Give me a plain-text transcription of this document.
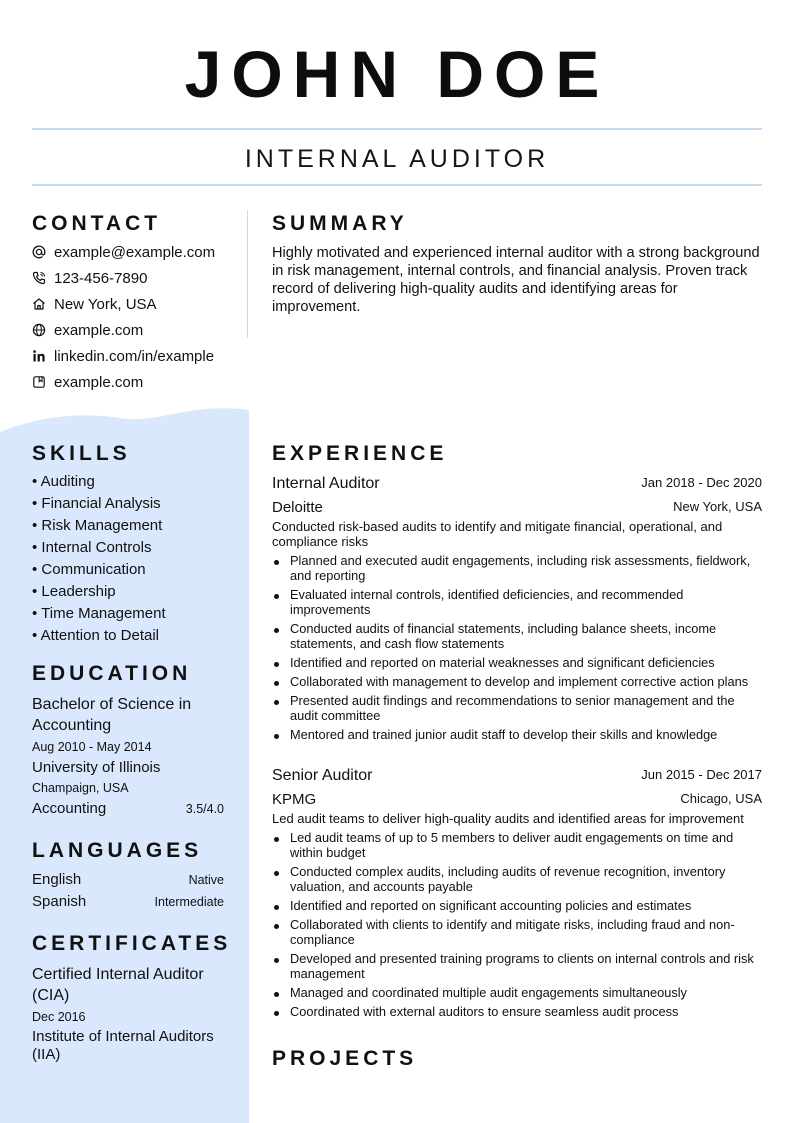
JOHN DOE
INTERNAL AUDITOR
CONTACT
example@example.com
123-456-7890
New York, USA
example.com
linkedin.com/in/example
example.com
SUMMARY
Highly motivated and experienced internal auditor with a strong background in risk management, internal controls, and financial analysis. Proven track record of delivering high-quality audits and identifying areas for improvement.
SKILLS
• Auditing
• Financial Analysis
• Risk Management
• Internal Controls
• Communication
• Leadership
• Time Management
• Attention to Detail
EDUCATION
Bachelor of Science in Accounting
Aug 2010 - May 2014
University of Illinois
Champaign, USA
Accounting	3.5/4.0
LANGUAGES
English	Native
Spanish	Intermediate
CERTIFICATES
Certified Internal Auditor (CIA)
Dec 2016
Institute of Internal Auditors (IIA)
EXPERIENCE
Internal Auditor	Jan 2018 - Dec 2020
Deloitte	New York, USA
Conducted risk-based audits to identify and mitigate financial, operational, and compliance risks
Planned and executed audit engagements, including risk assessments, fieldwork, and reporting
Evaluated internal controls, identified deficiencies, and recommended improvements
Conducted audits of financial statements, including balance sheets, income statements, and cash flow statements
Identified and reported on material weaknesses and significant deficiencies
Collaborated with management to develop and implement corrective action plans
Presented audit findings and recommendations to senior management and the audit committee
Mentored and trained junior audit staff to develop their skills and knowledge
Senior Auditor	Jun 2015 - Dec 2017
KPMG	Chicago, USA
Led audit teams to deliver high-quality audits and identified areas for improvement
Led audit teams of up to 5 members to deliver audit engagements on time and within budget
Conducted complex audits, including audits of revenue recognition, inventory valuation, and accounts payable
Identified and reported on significant accounting policies and estimates
Collaborated with clients to identify and mitigate risks, including fraud and non-compliance
Developed and presented training programs to clients on internal controls and risk management
Managed and coordinated multiple audit engagements simultaneously
Coordinated with external auditors to ensure seamless audit process
PROJECTS
